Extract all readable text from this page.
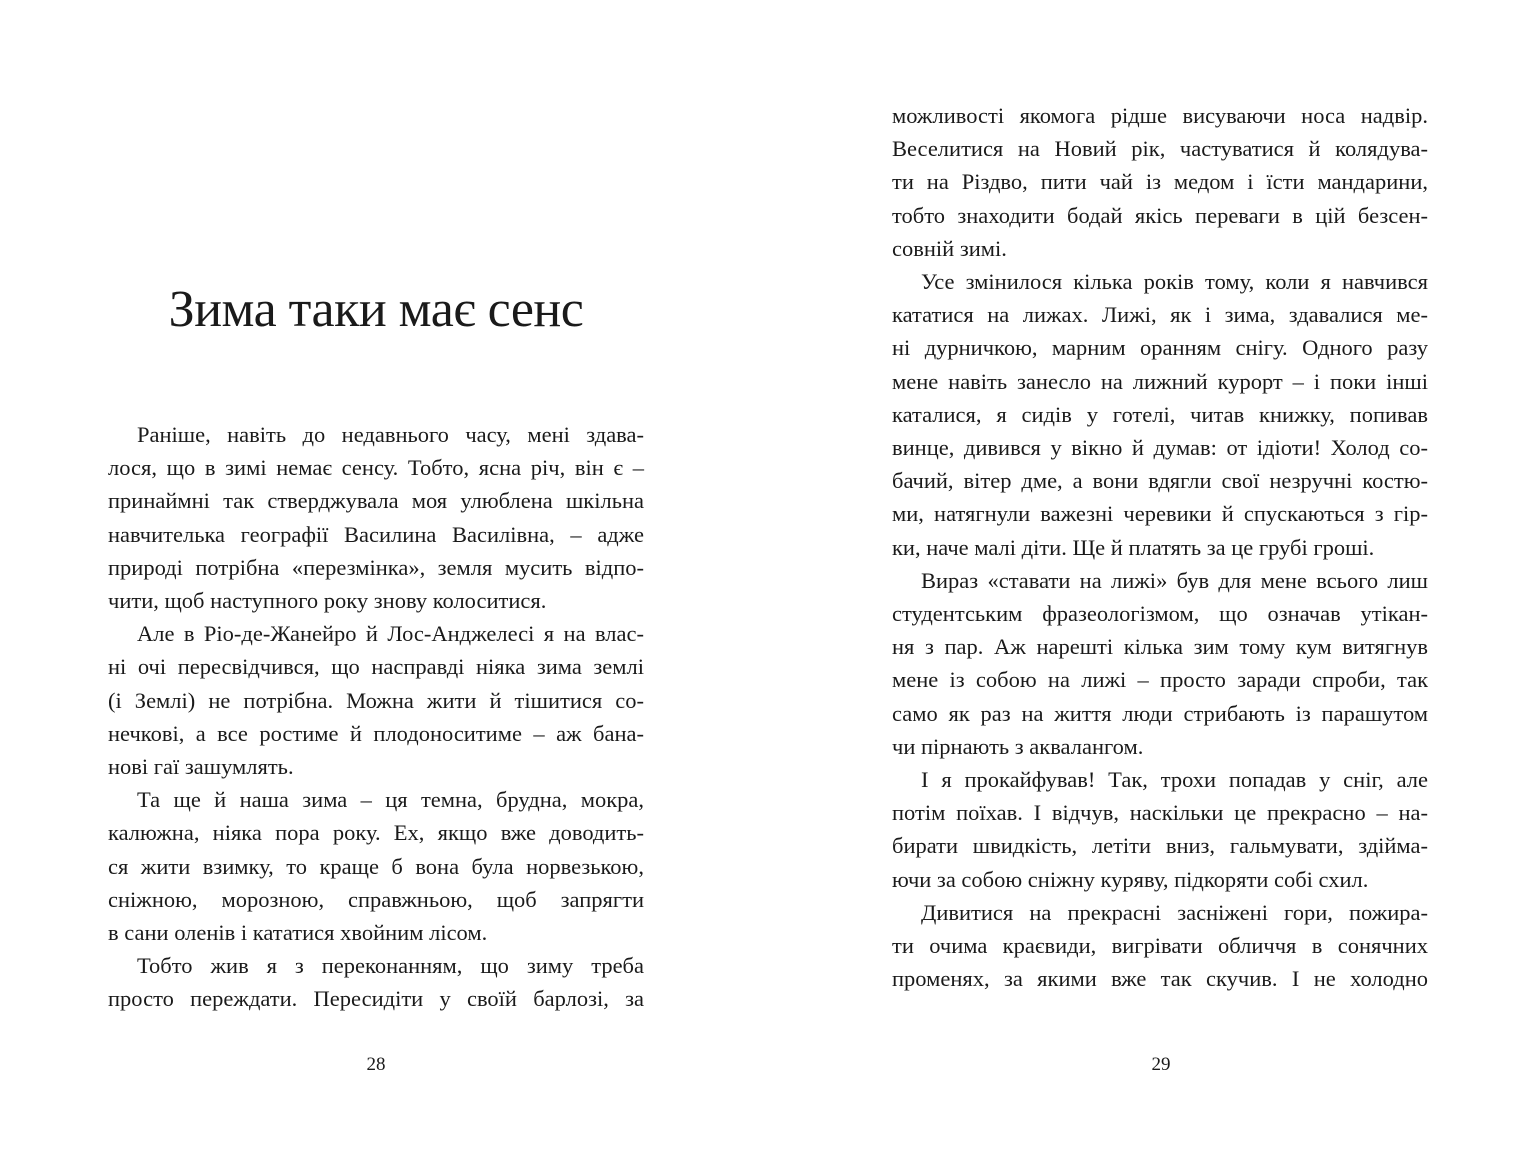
Зима таки має сенс

Раніше, навіть до недавнього часу, мені здава-

лося, що в зимі немає сенсу. Тобто, ясна річ, він є –

принаймні так стверджувала моя улюблена шкільна

навчителька географії Василина Василівна, – адже

природі потрібна «перезмінка», земля мусить відпо-

чити, щоб наступного року знову колоситися.

Але в Ріо-де-Жанейро й Лос-Анджелесі я на влас-

ні очі пересвідчився, що насправді ніяка зима землі

(і Землі) не потрібна. Можна жити й тішитися со-

нечкові, а все ростиме й плодоноситиме – аж бана-

нові гаї зашумлять.

Та ще й наша зима – ця темна, брудна, мокра,

калюжна, ніяка пора року. Ех, якщо вже доводить-

ся жити взимку, то краще б вона була норвезькою,

сніжною, морозною, справжньою, щоб запрягти

в сани оленів і кататися хвойним лісом.

Тобто жив я з переконанням, що зиму треба

просто переждати. Пересидіти у своїй барлозі, за

28

можливості якомога рідше висуваючи носа надвір.

Веселитися на Новий рік, частуватися й колядува-

ти на Різдво, пити чай із медом і їсти мандарини,

тобто знаходити бодай якісь переваги в цій безсен-

совній зимі.

Усе змінилося кілька років тому, коли я навчився

кататися на лижах. Лижі, як і зима, здавалися ме-

ні дурничкою, марним оранням снігу. Одного разу

мене навіть занесло на лижний курорт – і поки інші

каталися, я сидів у готелі, читав книжку, попивав

винце, дивився у вікно й думав: от ідіоти! Холод со-

бачий, вітер дме, а вони вдягли свої незручні костю-

ми, натягнули важезні черевики й спускаються з гір-

ки, наче малі діти. Ще й платять за це грубі гроші.

Вираз «ставати на лижі» був для мене всього лиш

студентським фразеологізмом, що означав утікан-

ня з пар. Аж нарешті кілька зим тому кум витягнув

мене із собою на лижі – просто заради спроби, так

само як раз на життя люди стрибають із парашутом

чи пірнають з аквалангом.

І я прокайфував! Так, трохи попадав у сніг, але

потім поїхав. І відчув, наскільки це прекрасно – на-

бирати швидкість, летіти вниз, гальмувати, здійма-

ючи за собою сніжну куряву, підкоряти собі схил.

Дивитися на прекрасні засніжені гори, пожира-

ти очима краєвиди, вигрівати обличчя в сонячних

променях, за якими вже так скучив. І не холодно

29
